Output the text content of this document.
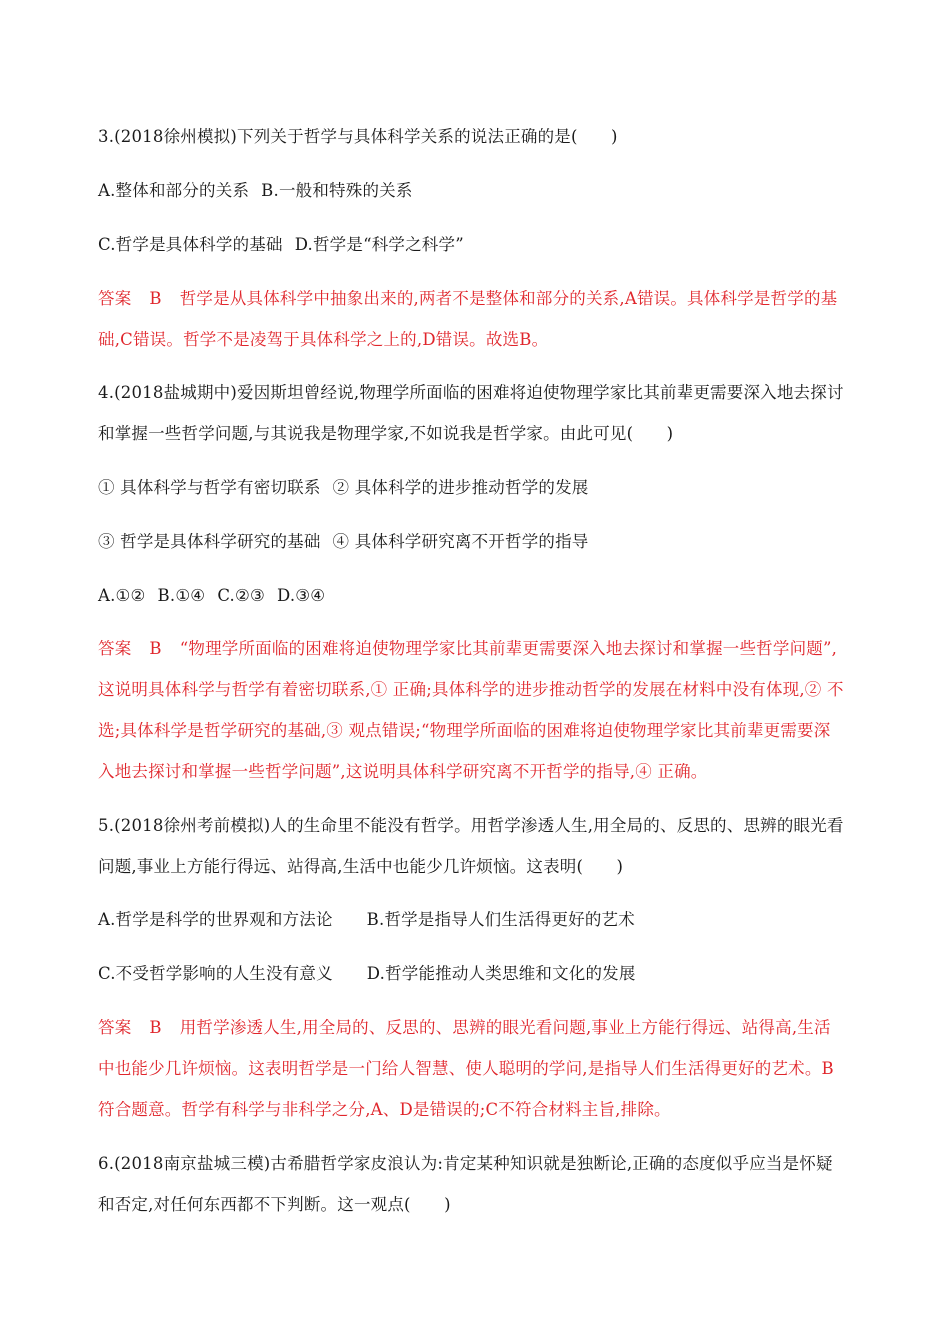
3.(2018徐州模拟)下列关于哲学与具体科学关系的说法正确的是(　　)
A.整体和部分的关系 B.一般和特殊的关系
C.哲学是具体科学的基础 D.哲学是“科学之科学”
答案 B 哲学是从具体科学中抽象出来的,两者不是整体和部分的关系,A错误。具体科学是哲学的基
础,C错误。哲学不是凌驾于具体科学之上的,D错误。故选B。
4.(2018盐城期中)爱因斯坦曾经说,物理学所面临的困难将迫使物理学家比其前辈更需要深入地去探讨
和掌握一些哲学问题,与其说我是物理学家,不如说我是哲学家。由此可见(　　)
① 具体科学与哲学有密切联系 ② 具体科学的进步推动哲学的发展
③ 哲学是具体科学研究的基础 ④ 具体科学研究离不开哲学的指导
A.①② B.①④ C.②③ D.③④
答案 B “物理学所面临的困难将迫使物理学家比其前辈更需要深入地去探讨和掌握一些哲学问题”,
这说明具体科学与哲学有着密切联系,① 正确;具体科学的进步推动哲学的发展在材料中没有体现,② 不
选;具体科学是哲学研究的基础,③ 观点错误;“物理学所面临的困难将迫使物理学家比其前辈更需要深
入地去探讨和掌握一些哲学问题”,这说明具体科学研究离不开哲学的指导,④ 正确。
5.(2018徐州考前模拟)人的生命里不能没有哲学。用哲学渗透人生,用全局的、反思的、思辨的眼光看
问题,事业上方能行得远、站得高,生活中也能少几许烦恼。这表明(　　)
A.哲学是科学的世界观和方法论 B.哲学是指导人们生活得更好的艺术
C.不受哲学影响的人生没有意义 D.哲学能推动人类思维和文化的发展
答案 B 用哲学渗透人生,用全局的、反思的、思辨的眼光看问题,事业上方能行得远、站得高,生活
中也能少几许烦恼。这表明哲学是一门给人智慧、使人聪明的学问,是指导人们生活得更好的艺术。B
符合题意。哲学有科学与非科学之分,A、D是错误的;C不符合材料主旨,排除。
6.(2018南京盐城三模)古希腊哲学家皮浪认为:肯定某种知识就是独断论,正确的态度似乎应当是怀疑
和否定,对任何东西都不下判断。这一观点(　　)
